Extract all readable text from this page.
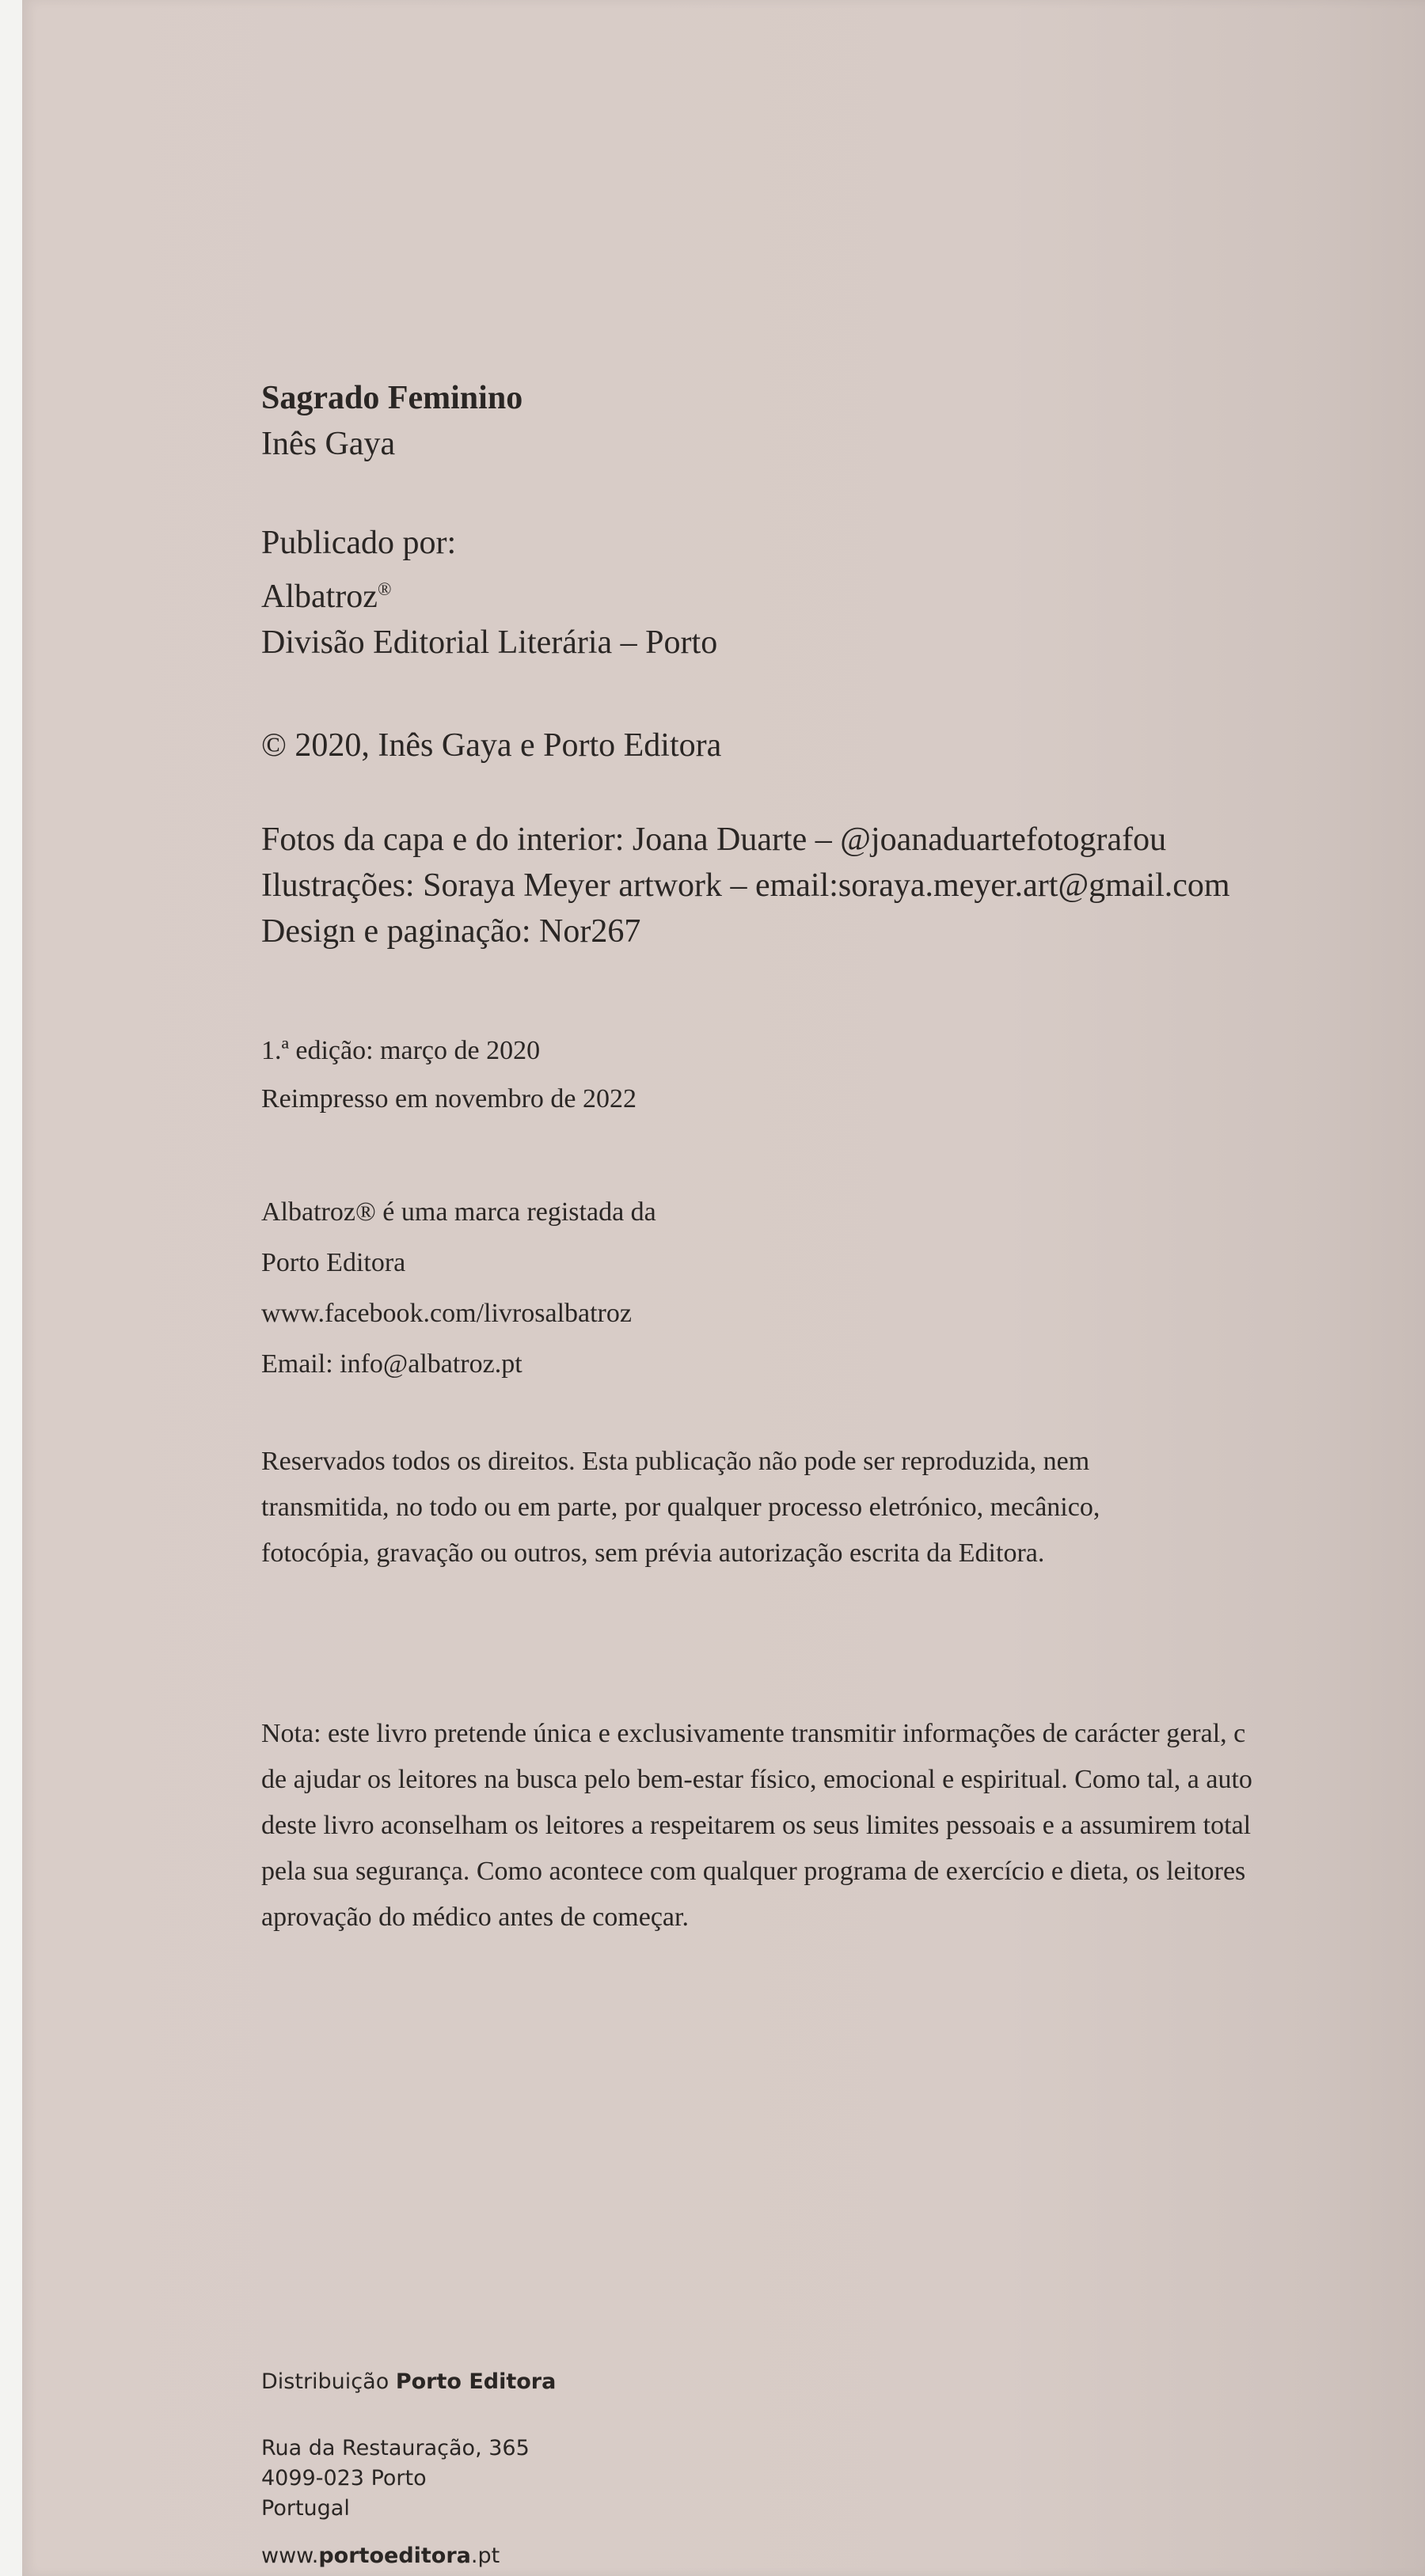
Sagrado Feminino
Inês Gaya
Publicado por:
Albatroz®
Divisão Editorial Literária – Porto
© 2020, Inês Gaya e Porto Editora
Fotos da capa e do interior: Joana Duarte – @joanaduartefotografou
Ilustrações: Soraya Meyer artwork – email:soraya.meyer.art@gmail.com
Design e paginação: Nor267
1.ª edição: março de 2020
Reimpresso em novembro de 2022
Albatroz® é uma marca registada da
Porto Editora
www.facebook.com/livrosalbatroz
Email: info@albatroz.pt
Reservados todos os direitos. Esta publicação não pode ser reproduzida, nem
transmitida, no todo ou em parte, por qualquer processo eletrónico, mecânico,
fotocópia, gravação ou outros, sem prévia autorização escrita da Editora.
Nota: este livro pretende única e exclusivamente transmitir informações de carácter geral, c
de ajudar os leitores na busca pelo bem-estar físico, emocional e espiritual. Como tal, a auto
deste livro aconselham os leitores a respeitarem os seus limites pessoais e a assumirem total
pela sua segurança. Como acontece com qualquer programa de exercício e dieta, os leitores
aprovação do médico antes de começar.
Distribuição Porto Editora
Rua da Restauração, 365
4099-023 Porto
Portugal
www.portoeditora.pt
